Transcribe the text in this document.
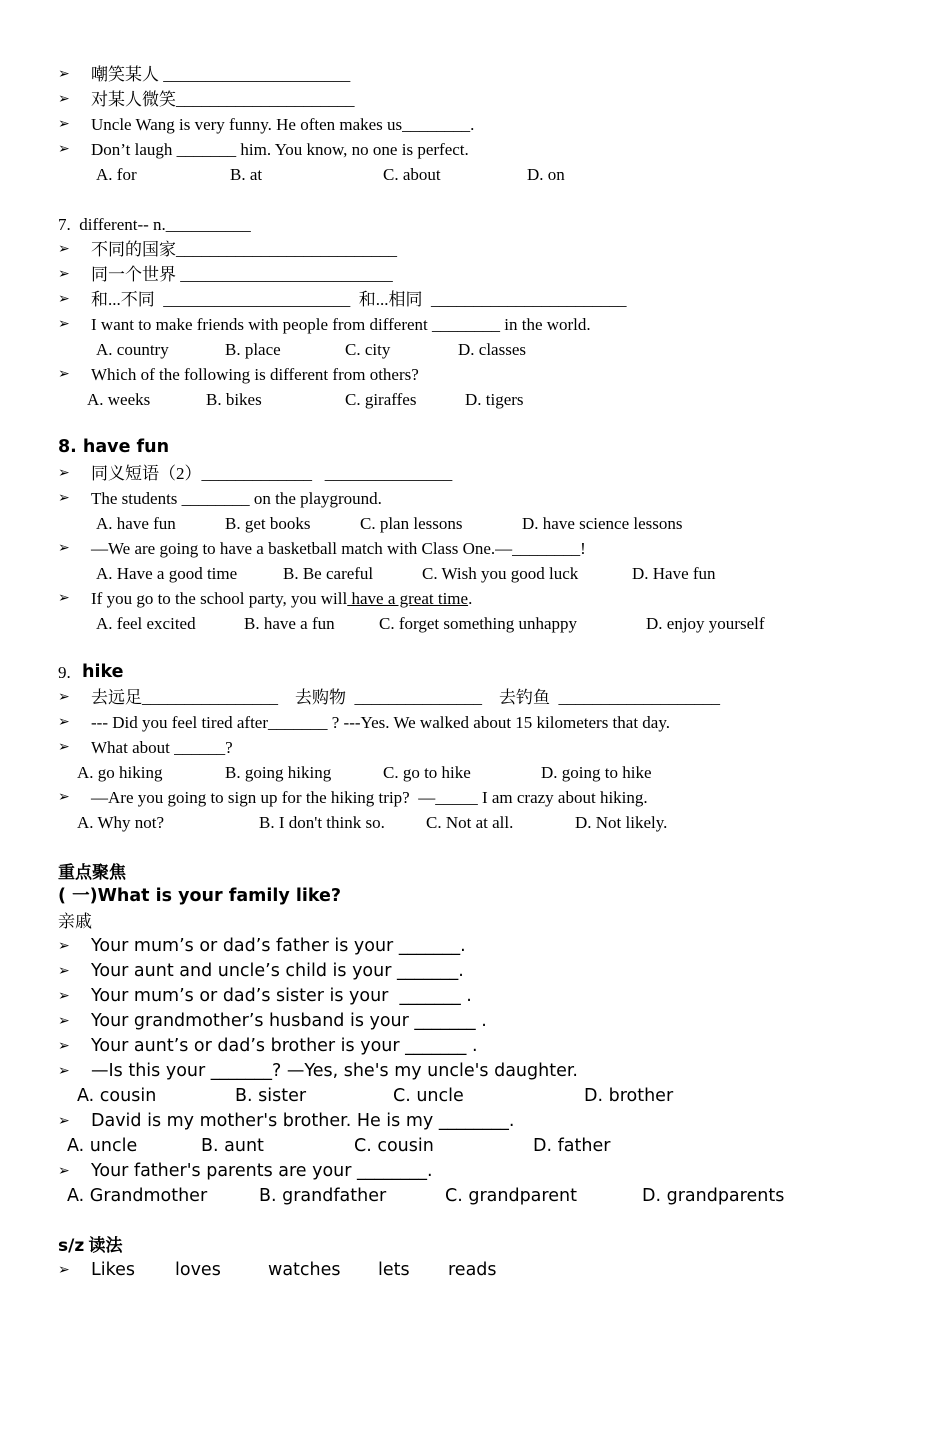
➢	嘲笑某人 ______________________
➢	对某人微笑_____________________
➢	Uncle Wang is very funny. He often makes us________.
➢	Don’t laugh _______ him. You know, no one is perfect.

A. for

	B. at

	C. about

	D. on

7.  different-- n.__________
➢	不同的国家__________________________
➢	同一个世界 _________________________
➢	和...不同  ______________________  和...相同  _______________________
➢	I want to make friends with people from different ________ in the world.

A. country

	B. place

	C. city

	D. classes

➢	Which of the following is different from others?

A. weeks

	B. bikes

	C. giraffes

	D. tigers

8. have fun
➢	同义短语（2）_____________   _______________
➢	The students ________ on the playground.

A. have fun

	B. get books

	C. plan lessons

	D. have science lessons

➢	—We are going to have a basketball match with Class One.—________!

A. Have a good time

	B. Be careful

	C. Wish you good luck

	D. Have fun

➢	If you go to the school party, you will have a great time.

A. feel excited

	B. have a fun

	C. forget something unhappy

	D. enjoy yourself

9. hike
➢	去远足________________    去购物  _______________    去钓鱼  ___________________
➢	--- Did you feel tired after_______ ? ---Yes. We walked about 15 kilometers that day.
➢	What about ______?

A. go hiking

	B. going hiking

	C. go to hike

	D. going to hike

➢	—Are you going to sign up for the hiking trip?  —_____ I am crazy about hiking.

A. Why not?

	B. I don't think so.

C. Not at all.

	D. Not likely.

重点聚焦
( 一)What is your family like?
亲戚
➢	Your mum’s or dad’s father is your _______.
➢	Your aunt and uncle’s child is your _______.
➢	Your mum’s or dad’s sister is your  _______ .
➢	Your grandmother’s husband is your _______ .
➢	Your aunt’s or dad’s brother is your _______ .
➢	—Is this your _______? —Yes, she's my uncle's daughter.

A. cousin

	B. sister

	C. uncle

	D. brother

➢	David is my mother's brother. He is my ________.

A. uncle

	B. aunt

	C. cousin

	D. father

➢	Your father's parents are your ________.

A. Grandmother

	B. grandfather

	C. grandparent

	D. grandparents

s/z 读法

➢

	Likes

loves

	watches

lets

reads
